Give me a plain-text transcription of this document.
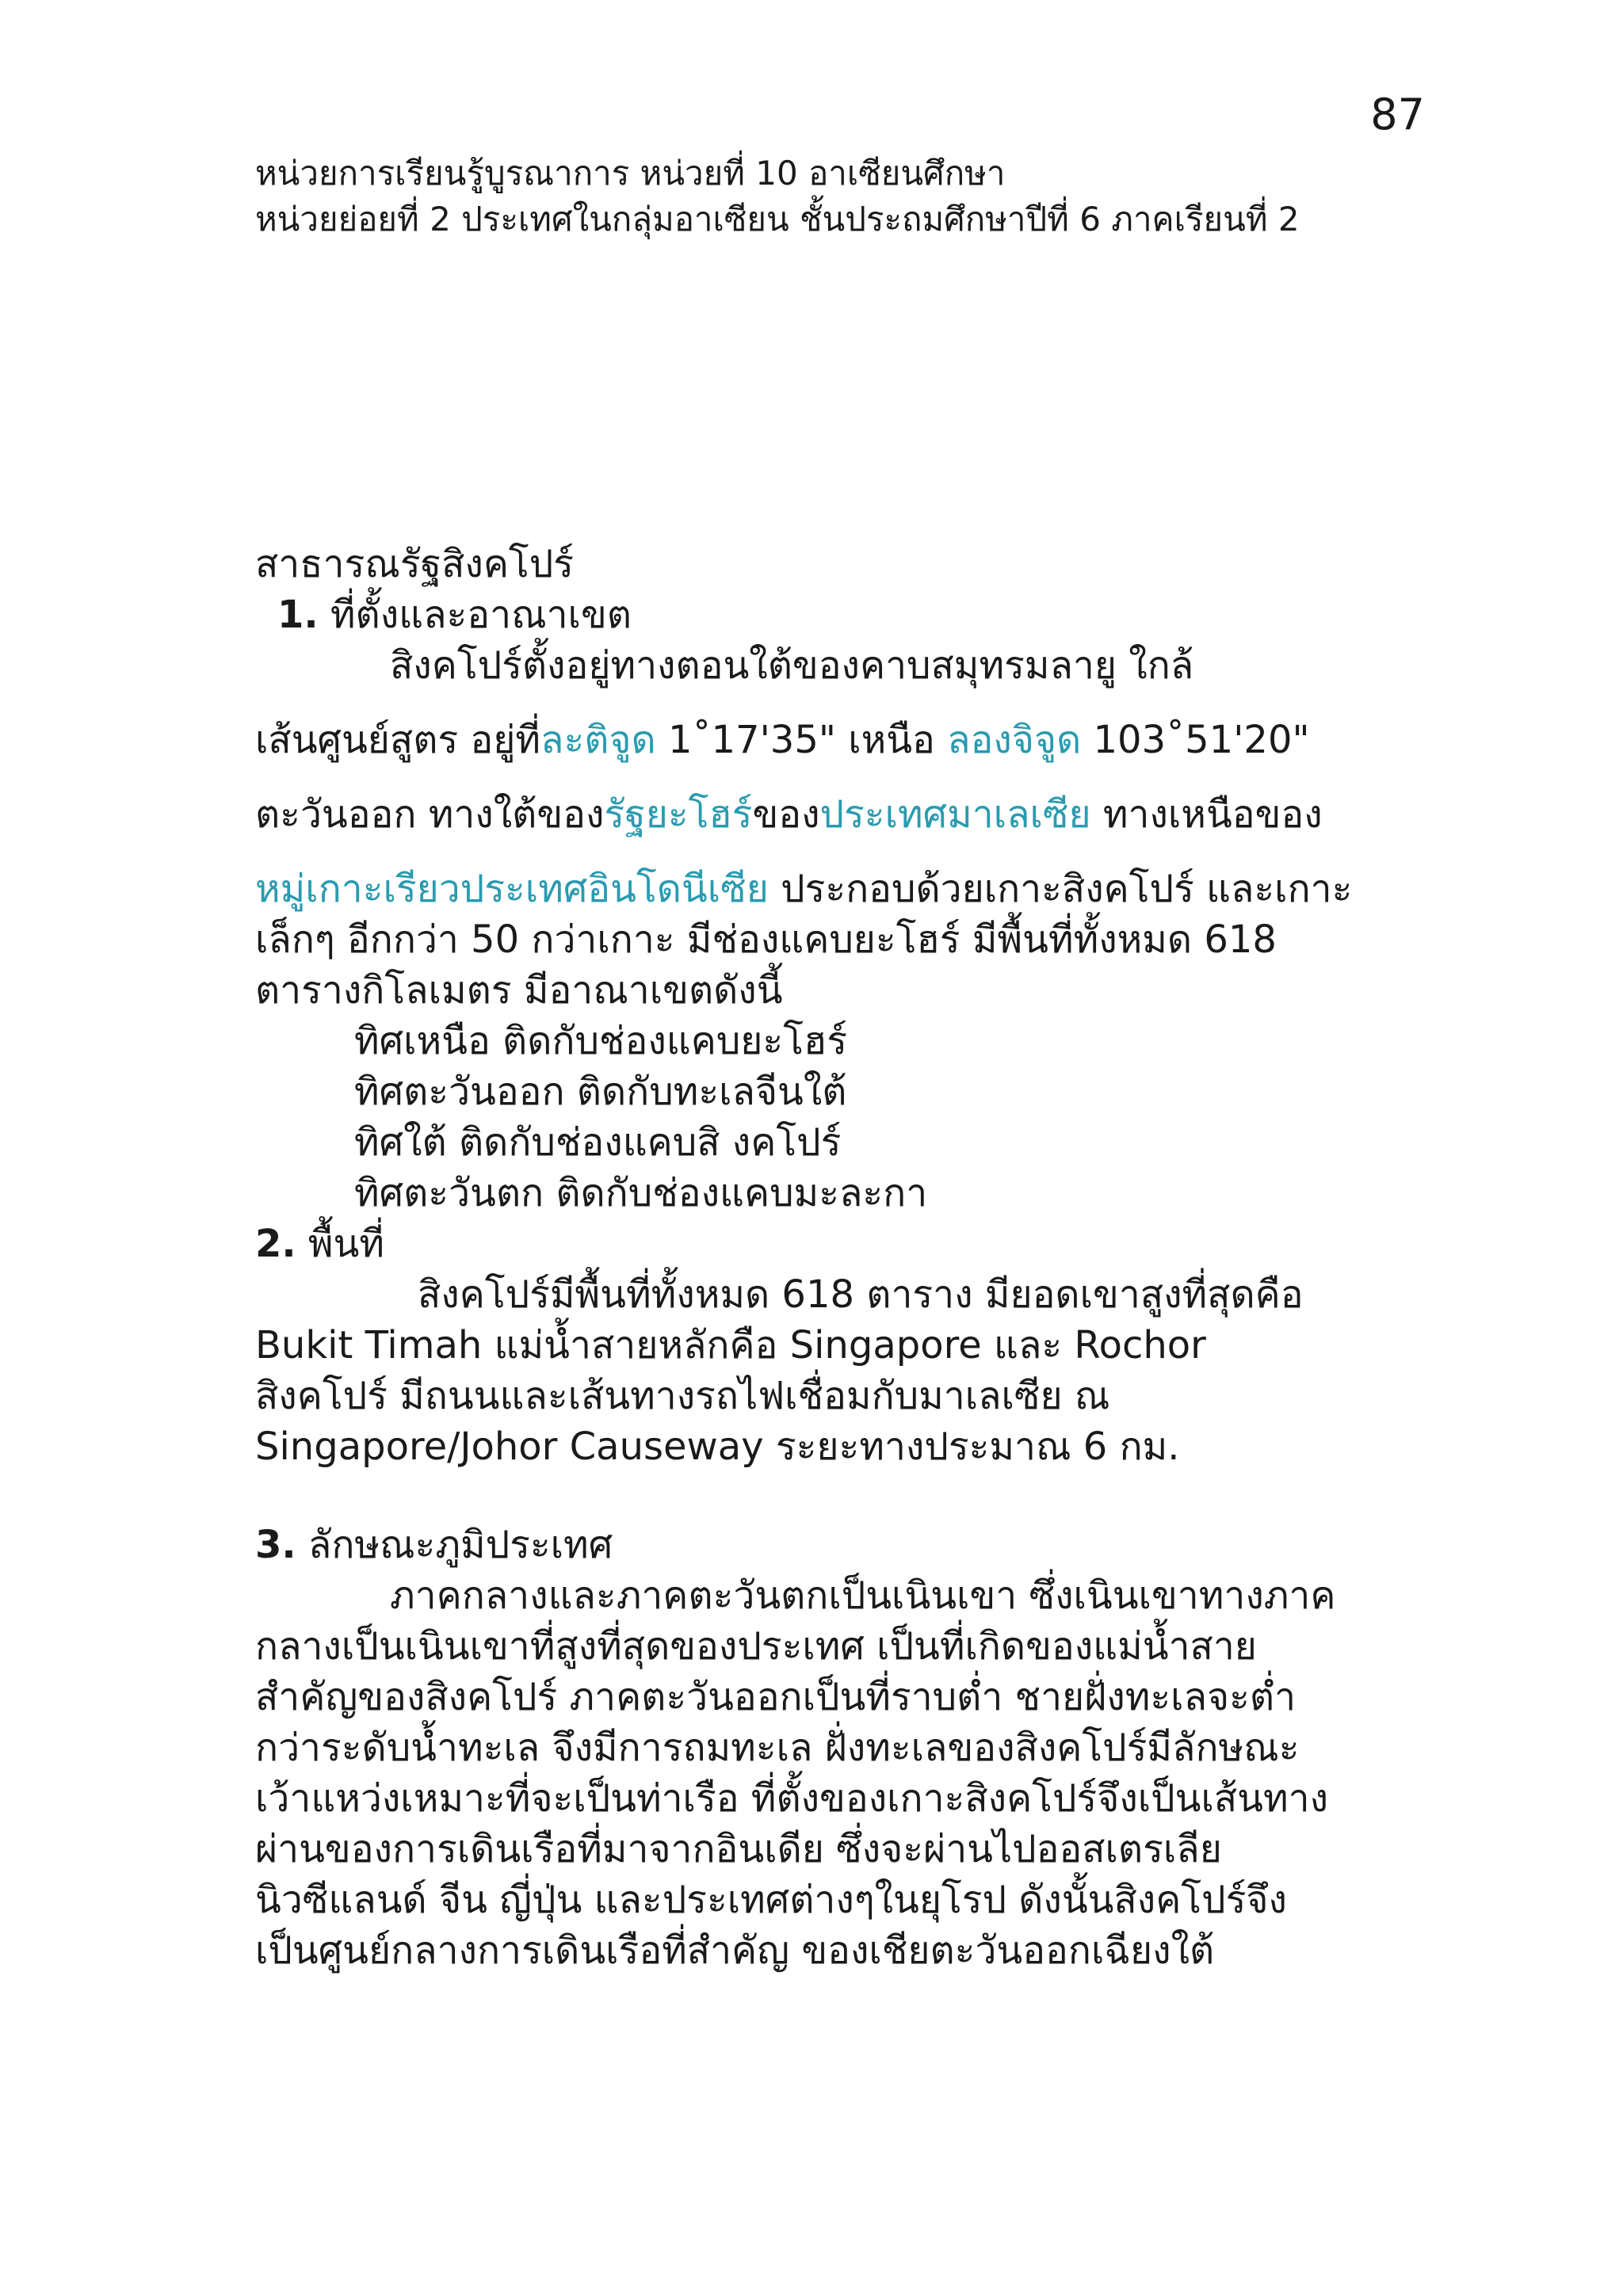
87
หน่วยการเรียนรู้บูรณาการ หน่วยที่ 10 อาเซียนศึกษา
หน่วยย่อยที่ 2 ประเทศในกลุ่มอาเซียน ชั้นประถมศึกษาปีที่ 6 ภาคเรียนที่ 2
สาธารณรัฐสิงคโปร์
1. ที่ตั้งและอาณาเขต
สิงคโปร์ตั้งอยู่ทางตอนใต้ของคาบสมุทรมลายู ใกล้
เส้นศูนย์สูตร อยู่ที่ละติจูด 1˚17'35" เหนือ ลองจิจูด 103˚51'20"
ตะวันออก ทางใต้ของรัฐยะโฮร์ของประเทศมาเลเซีย ทางเหนือของ
หมู่เกาะเรียวประเทศอินโดนีเซีย ประกอบด้วยเกาะสิงคโปร์ และเกาะ
เล็กๆ อีกกว่า 50 กว่าเกาะ มีช่องแคบยะโฮร์ มีพื้นที่ทั้งหมด 618
ตารางกิโลเมตร มีอาณาเขตดังนี้
ทิศเหนือ ติดกับช่องแคบยะโฮร์
ทิศตะวันออก ติดกับทะเลจีนใต้
ทิศใต้ ติดกับช่องแคบสิ งคโปร์
ทิศตะวันตก ติดกับช่องแคบมะละกา
2. พื้นที่
สิงคโปร์มีพื้นที่ทั้งหมด 618 ตาราง มียอดเขาสูงที่สุดคือ
Bukit Timah แม่น้ำสายหลักคือ Singapore และ Rochor
สิงคโปร์ มีถนนและเส้นทางรถไฟเชื่อมกับมาเลเซีย ณ
Singapore/Johor Causeway ระยะทางประมาณ 6 กม.
3. ลักษณะภูมิประเทศ
ภาคกลางและภาคตะวันตกเป็นเนินเขา ซึ่งเนินเขาทางภาค
กลางเป็นเนินเขาที่สูงที่สุดของประเทศ เป็นที่เกิดของแม่น้ำสาย
สำคัญของสิงคโปร์ ภาคตะวันออกเป็นที่ราบต่ำ ชายฝั่งทะเลจะต่ำ
กว่าระดับน้ำทะเล จึงมีการถมทะเล ฝั่งทะเลของสิงคโปร์มีลักษณะ
เว้าแหว่งเหมาะที่จะเป็นท่าเรือ ที่ตั้งของเกาะสิงคโปร์จึงเป็นเส้นทาง
ผ่านของการเดินเรือที่มาจากอินเดีย ซึ่งจะผ่านไปออสเตรเลีย
นิวซีแลนด์ จีน ญี่ปุ่น และประเทศต่างๆในยุโรป ดังนั้นสิงคโปร์จึง
เป็นศูนย์กลางการเดินเรือที่สำคัญ ของเชียตะวันออกเฉียงใต้
